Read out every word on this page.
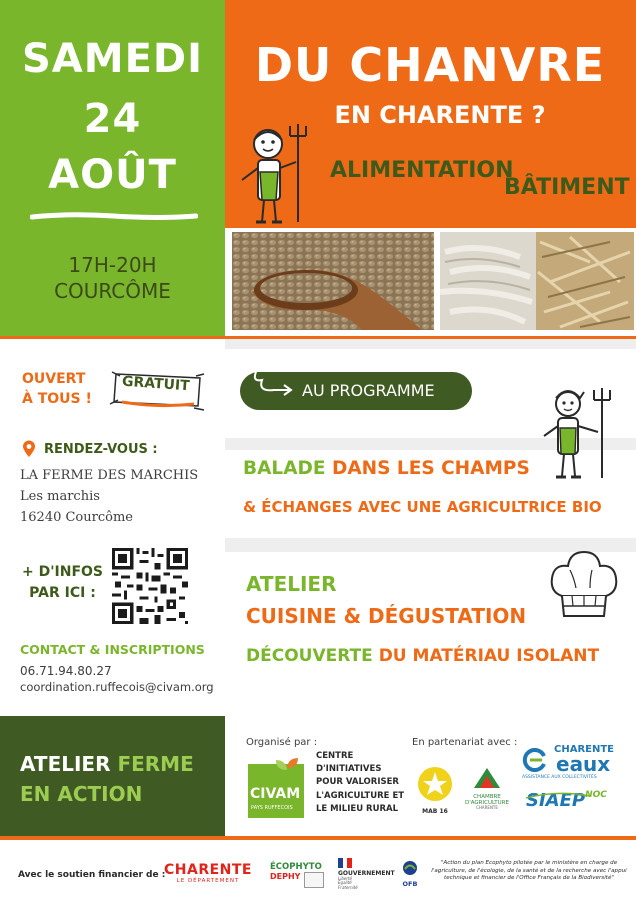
SAMEDI
24
AOÛT
17H-20H
COURCÔME
DU CHANVRE
EN CHARENTE ?
ALIMENTATION
BÂTIMENT
OUVERT
À TOUS !
GRATUIT
RENDEZ-VOUS :
LA FERME DES MARCHIS
Les marchis
16240 Courcôme
+ D'INFOS
PAR ICI :
CONTACT & INSCRIPTIONS
06.71.94.80.27
coordination.ruffecois@civam.org
AU PROGRAMME
BALADE DANS LES CHAMPS
& ÉCHANGES AVEC UNE AGRICULTRICE BIO
ATELIER
CUISINE & DÉGUSTATION
DÉCOUVERTE DU MATÉRIAU ISOLANT
ATELIER FERME
EN ACTION
Organisé par :
CIVAM
PAYS RUFFECOIS
CENTRE
D'INITIATIVES
POUR VALORISER
L'AGRICULTURE ET
LE MILIEU RURAL
En partenariat avec :
MAB 16
CHAMBRE
D'AGRICULTURE
CHARENTE
CHARENTE
eaux
ASSISTANCE AUX COLLECTIVITÉS
$SIAEP^{NOC}$
Avec le soutien financier de :
CHARENTE
LE DÉPARTEMENT
ÉCOPHYTO
DEPHY	GOUVERNEMENT
Liberté
Égalité
Fraternité	OFB
"Action du plan Ecophyto pilotée par le ministère en charge de l'agriculture, de l'écologie, de la santé et de la recherche avec l'appui technique et financier de l'Office Français de la Biodiversité"
